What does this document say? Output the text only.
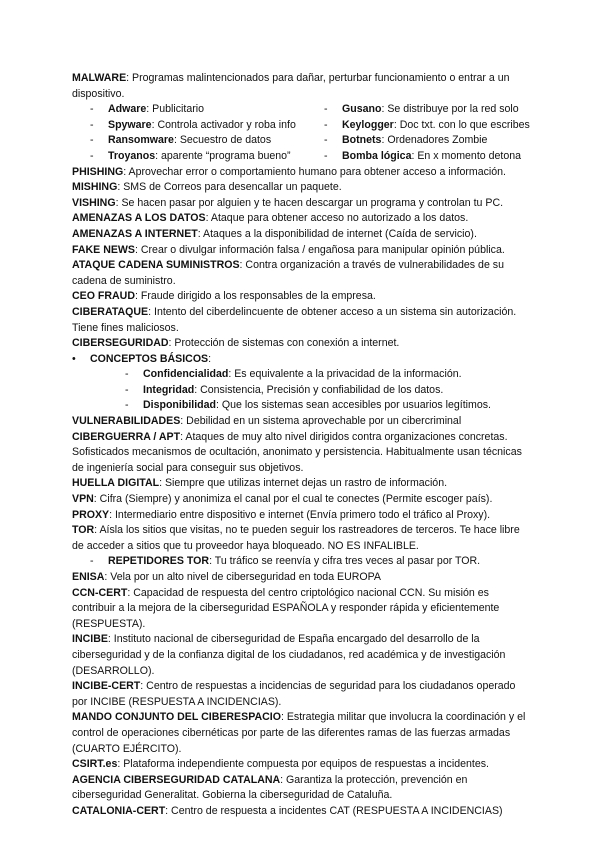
MALWARE: Programas malintencionados para dañar, perturbar funcionamiento o entrar a un dispositivo.

- Adware: Publicitario	- Gusano: Se distribuye por la red solo
- Spyware: Controla activador y roba info	- Keylogger: Doc txt. con lo que escribes
- Ransomware: Secuestro de datos	- Botnets: Ordenadores Zombie
- Troyanos: aparente “programa bueno”	- Bomba lógica: En x momento detona

PHISHING: Aprovechar error o comportamiento humano para obtener acceso a información.

MISHING: SMS de Correos para desencallar un paquete.

VISHING: Se hacen pasar por alguien y te hacen descargar un programa y controlan tu PC.

AMENAZAS A LOS DATOS: Ataque para obtener acceso no autorizado a los datos.

AMENAZAS A INTERNET: Ataques a la disponibilidad de internet (Caída de servicio).

FAKE NEWS: Crear o divulgar información falsa / engañosa para manipular opinión pública.

ATAQUE CADENA SUMINISTROS: Contra organización a través de vulnerabilidades de su cadena de suministro.

CEO FRAUD: Fraude dirigido a los responsables de la empresa.

CIBERATAQUE: Intento del ciberdelincuente de obtener acceso a un sistema sin autorización. Tiene fines maliciosos.

CIBERSEGURIDAD: Protección de sistemas con conexión a internet.

• CONCEPTOS BÁSICOS:

- Confidencialidad: Es equivalente a la privacidad de la información.

- Integridad: Consistencia, Precisión y confiabilidad de los datos.

- Disponibilidad: Que los sistemas sean accesibles por usuarios legítimos.

VULNERABILIDADES: Debilidad en un sistema aprovechable por un cibercriminal

CIBERGUERRA / APT: Ataques de muy alto nivel dirigidos contra organizaciones concretas. Sofisticados mecanismos de ocultación, anonimato y persistencia. Habitualmente usan técnicas de ingeniería social para conseguir sus objetivos.

HUELLA DIGITAL: Siempre que utilizas internet dejas un rastro de información.

VPN: Cifra (Siempre) y anonimiza el canal por el cual te conectes (Permite escoger país).

PROXY: Intermediario entre dispositivo e internet (Envía primero todo el tráfico al Proxy).

TOR: Aísla los sitios que visitas, no te pueden seguir los rastreadores de terceros. Te hace libre de acceder a sitios que tu proveedor haya bloqueado. NO ES INFALIBLE.

- REPETIDORES TOR: Tu tráfico se reenvía y cifra tres veces al pasar por TOR.

ENISA: Vela por un alto nivel de ciberseguridad en toda EUROPA

CCN-CERT: Capacidad de respuesta del centro criptológico nacional CCN. Su misión es contribuir a la mejora de la ciberseguridad ESPAÑOLA y responder rápida y eficientemente (RESPUESTA).

INCIBE: Instituto nacional de ciberseguridad de España encargado del desarrollo de la ciberseguridad y de la confianza digital de los ciudadanos, red académica y de investigación (DESARROLLO).

INCIBE-CERT: Centro de respuestas a incidencias de seguridad para los ciudadanos operado por INCIBE (RESPUESTA A INCIDENCIAS).

MANDO CONJUNTO DEL CIBERESPACIO: Estrategia militar que involucra la coordinación y el control de operaciones cibernéticas por parte de las diferentes ramas de las fuerzas armadas (CUARTO EJÉRCITO).

CSIRT.es: Plataforma independiente compuesta por equipos de respuestas a incidentes.

AGENCIA CIBERSEGURIDAD CATALANA: Garantiza la protección, prevención en ciberseguridad Generalitat. Gobierna la ciberseguridad de Cataluña.

CATALONIA-CERT: Centro de respuesta a incidentes CAT (RESPUESTA A INCIDENCIAS)
